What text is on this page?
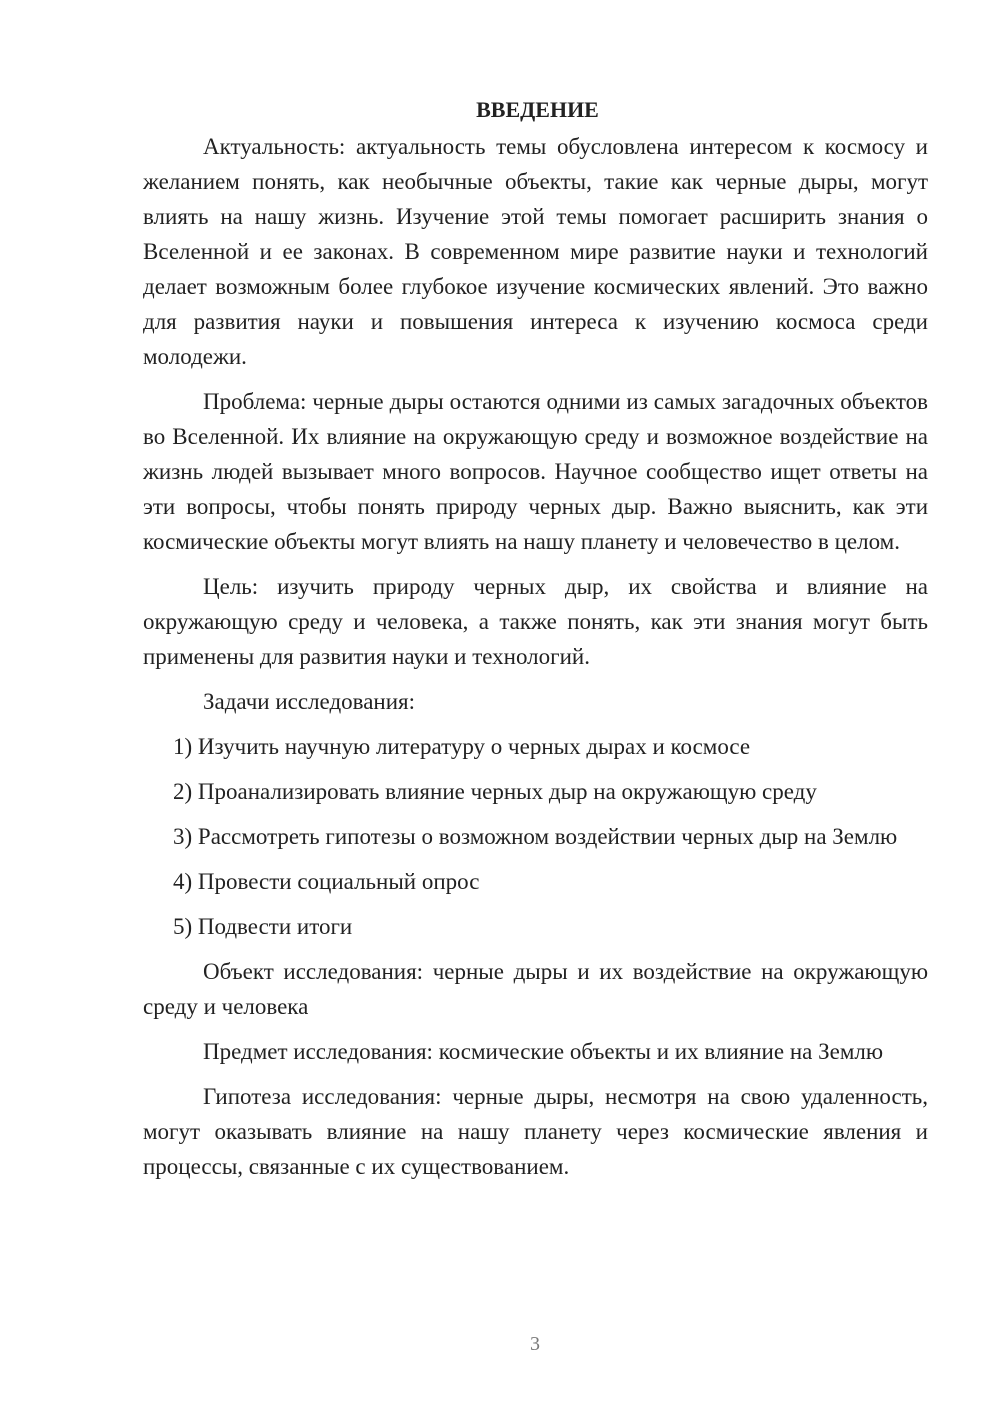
ВВЕДЕНИЕ

Актуальность: актуальность темы обусловлена интересом к космосу и желанием понять, как необычные объекты, такие как черные дыры, могут влиять на нашу жизнь. Изучение этой темы помогает расширить знания о Вселенной и ее законах. В современном мире развитие науки и технологий делает возможным более глубокое изучение космических явлений. Это важно для развития науки и повышения интереса к изучению космоса среди молодежи.

Проблема: черные дыры остаются одними из самых загадочных объектов во Вселенной. Их влияние на окружающую среду и возможное воздействие на жизнь людей вызывает много вопросов. Научное сообщество ищет ответы на эти вопросы, чтобы понять природу черных дыр. Важно выяснить, как эти космические объекты могут влиять на нашу планету и человечество в целом.

Цель: изучить природу черных дыр, их свойства и влияние на окружающую среду и человека, а также понять, как эти знания могут быть применены для развития науки и технологий.

Задачи исследования:

1) Изучить научную литературу о черных дырах и космосе
2) Проанализировать влияние черных дыр на окружающую среду
3) Рассмотреть гипотезы о возможном воздействии черных дыр на Землю
4) Провести социальный опрос
5) Подвести итоги

Объект исследования: черные дыры и их воздействие на окружающую среду и человека

Предмет исследования: космические объекты и их влияние на Землю

Гипотеза исследования: черные дыры, несмотря на свою удаленность, могут оказывать влияние на нашу планету через космические явления и процессы, связанные с их существованием.

3
